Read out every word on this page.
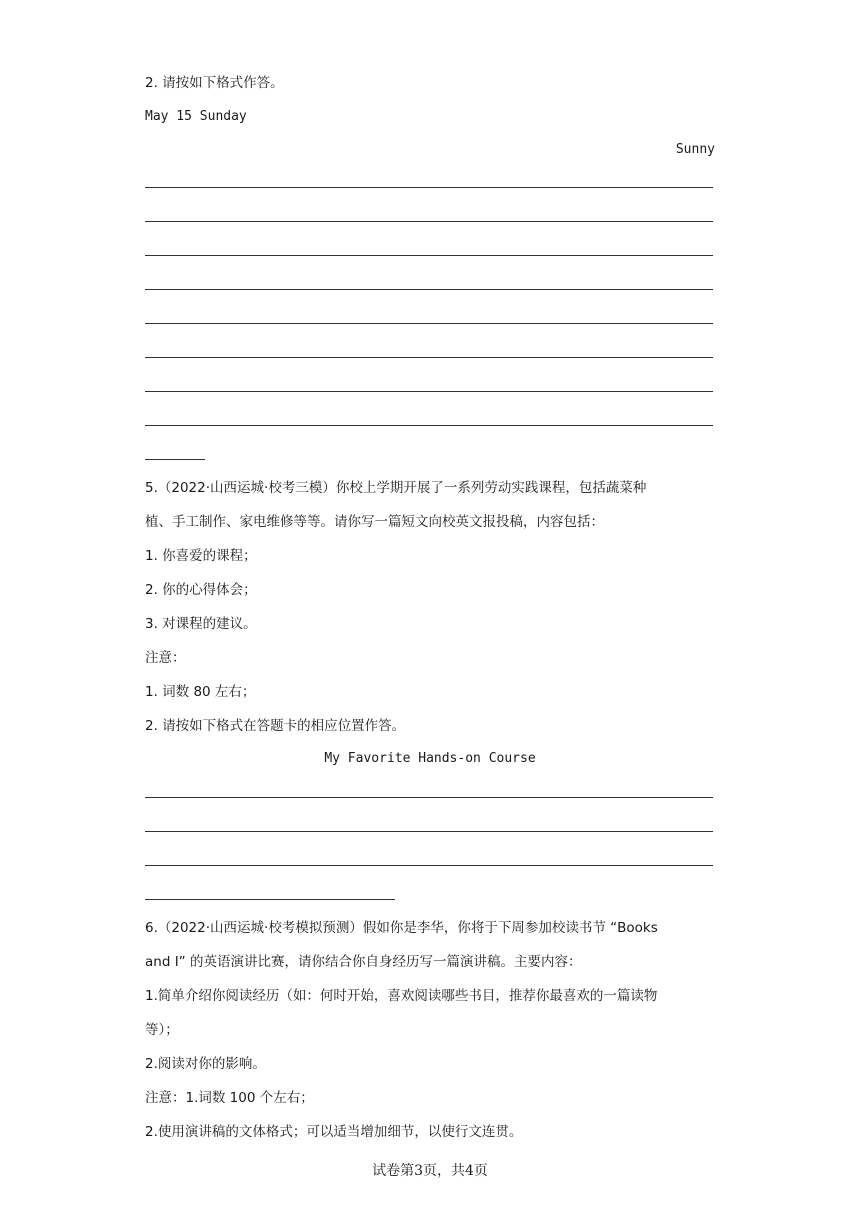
2. 请按如下格式作答。
May 15 Sunday
Sunny
5.（2022·山西运城·校考三模）你校上学期开展了一系列劳动实践课程，包括蔬菜种
植、手工制作、家电维修等等。请你写一篇短文向校英文报投稿，内容包括：
1. 你喜爱的课程；
2. 你的心得体会；
3. 对课程的建议。
注意：
1. 词数 80 左右；
2. 请按如下格式在答题卡的相应位置作答。
My Favorite Hands-on Course
6.（2022·山西运城·校考模拟预测）假如你是李华，你将于下周参加校读书节 “Books
and I” 的英语演讲比赛，请你结合你自身经历写一篇演讲稿。主要内容：
1.简单介绍你阅读经历（如：何时开始，喜欢阅读哪些书目，推荐你最喜欢的一篇读物
等）；
2.阅读对你的影响。
注意：1.词数 100 个左右；
2.使用演讲稿的文体格式；可以适当增加细节，以使行文连贯。
试卷第3页，共4页
